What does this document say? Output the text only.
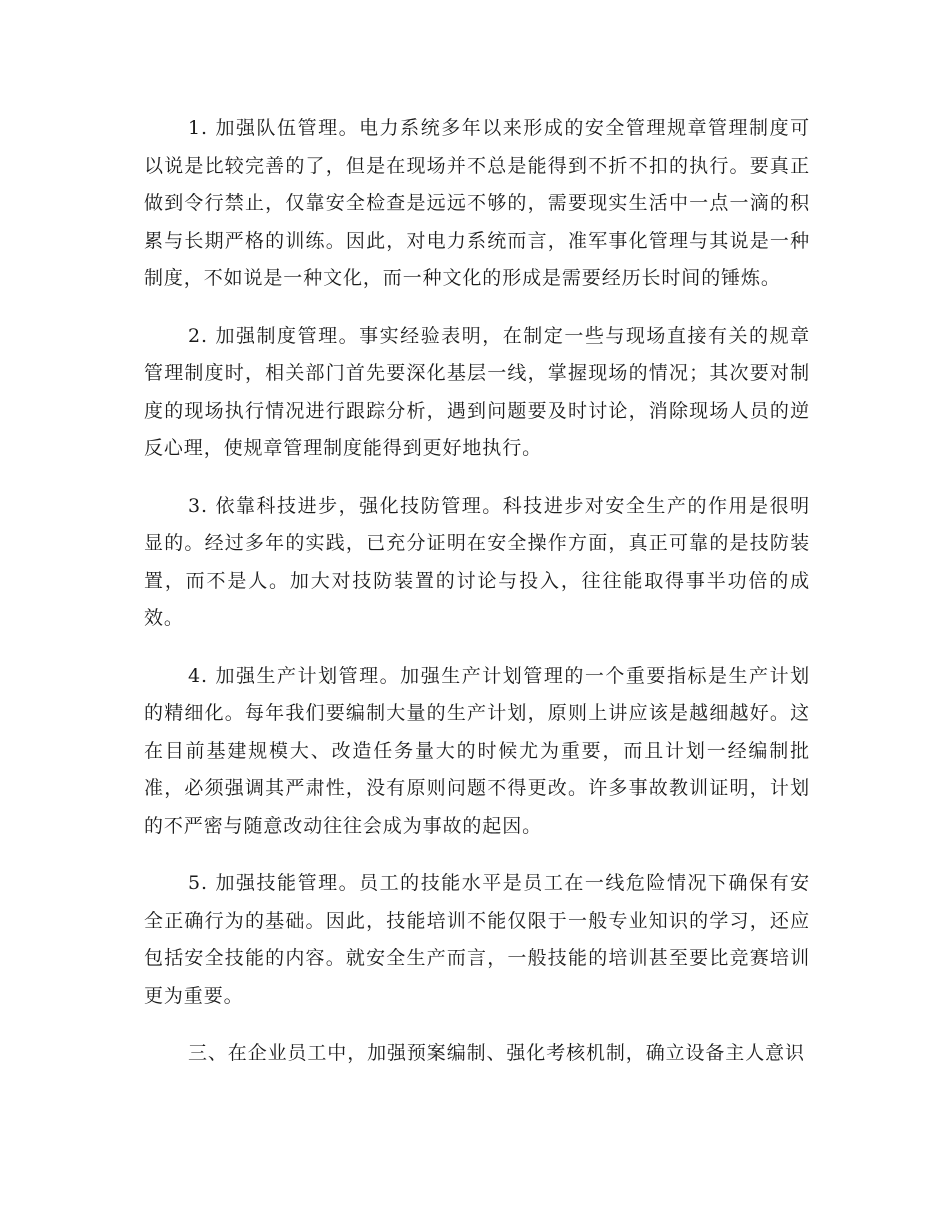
1. 加强队伍管理。电力系统多年以来形成的安全管理规章管理制度可以说是比较完善的了，但是在现场并不总是能得到不折不扣的执行。要真正做到令行禁止，仅靠安全检查是远远不够的，需要现实生活中一点一滴的积累与长期严格的训练。因此，对电力系统而言，准军事化管理与其说是一种制度，不如说是一种文化，而一种文化的形成是需要经历长时间的锤炼。

2. 加强制度管理。事实经验表明，在制定一些与现场直接有关的规章管理制度时，相关部门首先要深化基层一线，掌握现场的情况；其次要对制度的现场执行情况进行跟踪分析，遇到问题要及时讨论，消除现场人员的逆反心理，使规章管理制度能得到更好地执行。

3. 依靠科技进步，强化技防管理。科技进步对安全生产的作用是很明显的。经过多年的实践，已充分证明在安全操作方面，真正可靠的是技防装置，而不是人。加大对技防装置的讨论与投入，往往能取得事半功倍的成效。

4. 加强生产计划管理。加强生产计划管理的一个重要指标是生产计划的精细化。每年我们要编制大量的生产计划，原则上讲应该是越细越好。这在目前基建规模大、改造任务量大的时候尤为重要，而且计划一经编制批准，必须强调其严肃性，没有原则问题不得更改。许多事故教训证明，计划的不严密与随意改动往往会成为事故的起因。

5. 加强技能管理。员工的技能水平是员工在一线危险情况下确保有安全正确行为的基础。因此，技能培训不能仅限于一般专业知识的学习，还应包括安全技能的内容。就安全生产而言，一般技能的培训甚至要比竞赛培训更为重要。

三、在企业员工中，加强预案编制、强化考核机制，确立设备主人意识
